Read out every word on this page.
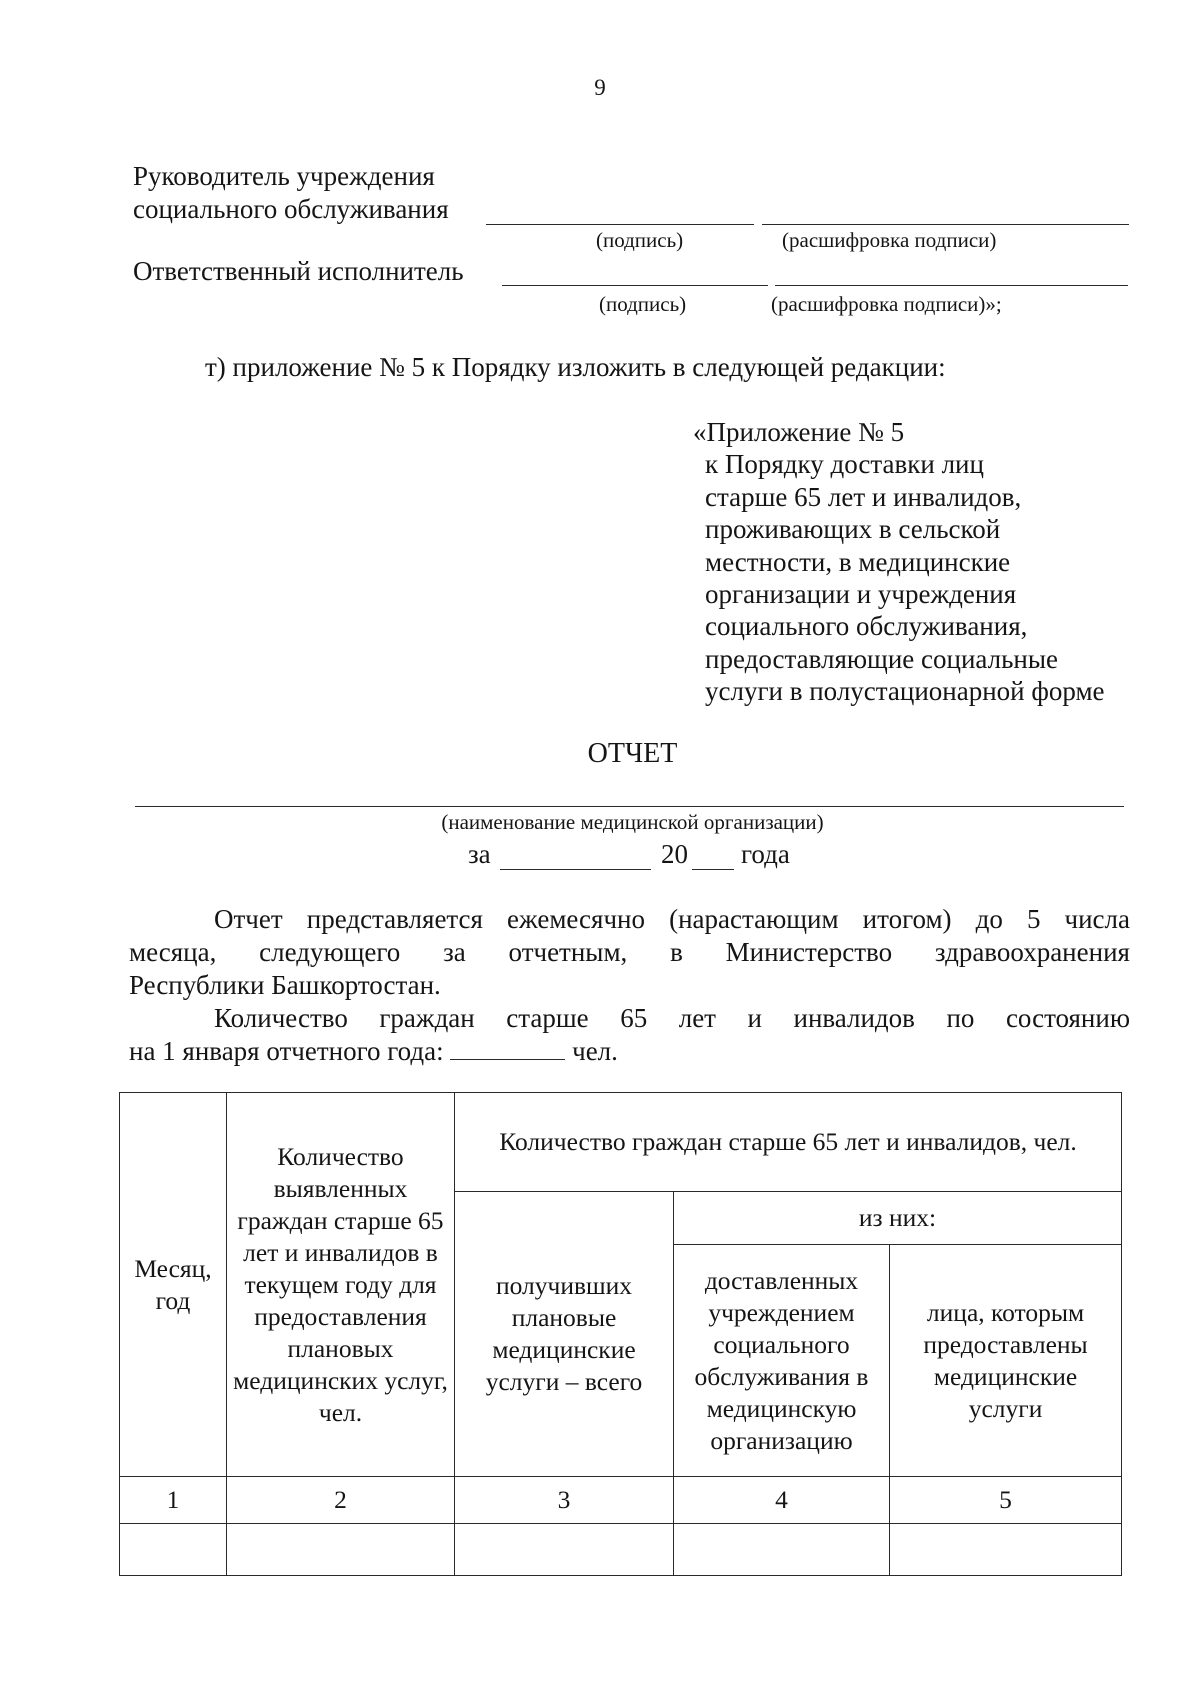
9
Руководитель учреждения
социального обслуживания
(подпись)	(расшифровка подписи)
Ответственный исполнитель
(подпись)	(расшифровка подписи)»;
т) приложение № 5 к Порядку изложить в следующей редакции:
«Приложение № 5
к Порядку доставки лиц
старше 65 лет и инвалидов,
проживающих в сельской
местности, в медицинские
организации и учреждения
социального обслуживания,
предоставляющие социальные
услуги в полустационарной форме
ОТЧЕТ
(наименование медицинской организации)
за	20 года
Отчет представляется ежемесячно (нарастающим итогом) до 5 числа
месяца, следующего за отчетным, в Министерство здравоохранения
Республики Башкортостан.
Количество граждан старше 65 лет и инвалидов по состоянию
на 1 января отчетного года:	чел.
Месяц, год	Количество выявленных граждан старше 65 лет и инвалидов в текущем году для предоставления плановых медицинских услуг, чел.	Количество граждан старше 65 лет и инвалидов, чел.		
		получивших плановые медицинские услуги – всего	из них:	
			доставленных учреждением социального обслуживания в медицинскую организацию	лица, которым предоставлены медицинские услуги
1	2	3	4	5
